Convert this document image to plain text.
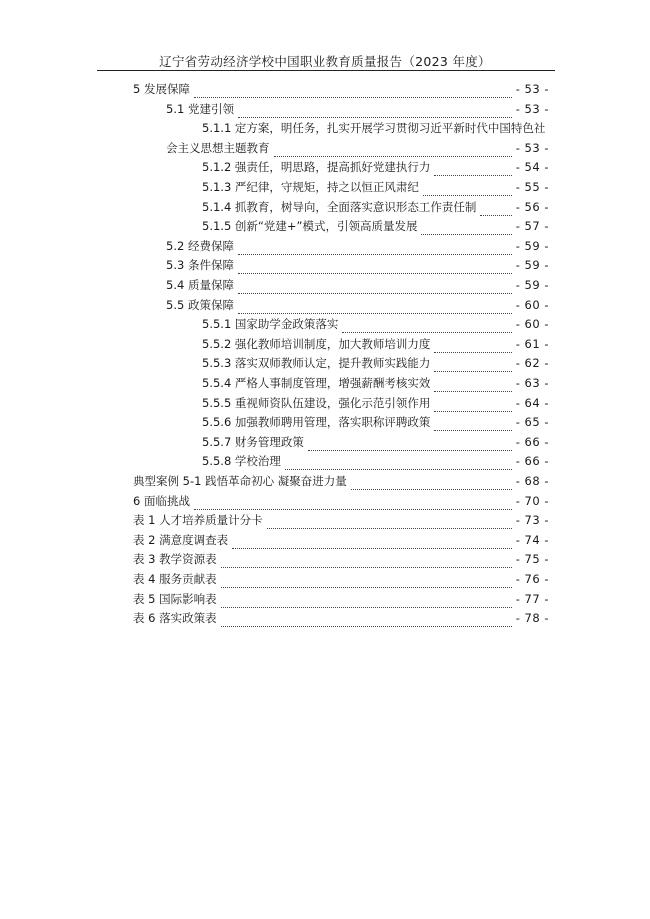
辽宁省劳动经济学校中国职业教育质量报告（2023 年度）
5 发展保障	- 53 -
5.1 党建引领	- 53 -
5.1.1 定方案，明任务，扎实开展学习贯彻习近平新时代中国特色社
会主义思想主题教育	- 53 -
5.1.2 强责任，明思路，提高抓好党建执行力	- 54 -
5.1.3 严纪律，守规矩，持之以恒正风肃纪	- 55 -
5.1.4 抓教育，树导向，全面落实意识形态工作责任制	- 56 -
5.1.5 创新“党建+”模式，引领高质量发展	- 57 -
5.2 经费保障	- 59 -
5.3 条件保障	- 59 -
5.4 质量保障	- 59 -
5.5 政策保障	- 60 -
5.5.1 国家助学金政策落实	- 60 -
5.5.2 强化教师培训制度，加大教师培训力度	- 61 -
5.5.3 落实双师教师认定，提升教师实践能力	- 62 -
5.5.4 严格人事制度管理，增强薪酬考核实效	- 63 -
5.5.5 重视师资队伍建设，强化示范引领作用	- 64 -
5.5.6 加强教师聘用管理，落实职称评聘政策	- 65 -
5.5.7 财务管理政策	- 66 -
5.5.8 学校治理	- 66 -
典型案例 5-1 践悟革命初心 凝聚奋进力量	- 68 -
6 面临挑战	- 70 -
表 1 人才培养质量计分卡	- 73 -
表 2 满意度调查表	- 74 -
表 3 教学资源表	- 75 -
表 4 服务贡献表	- 76 -
表 5 国际影响表	- 77 -
表 6 落实政策表	- 78 -
